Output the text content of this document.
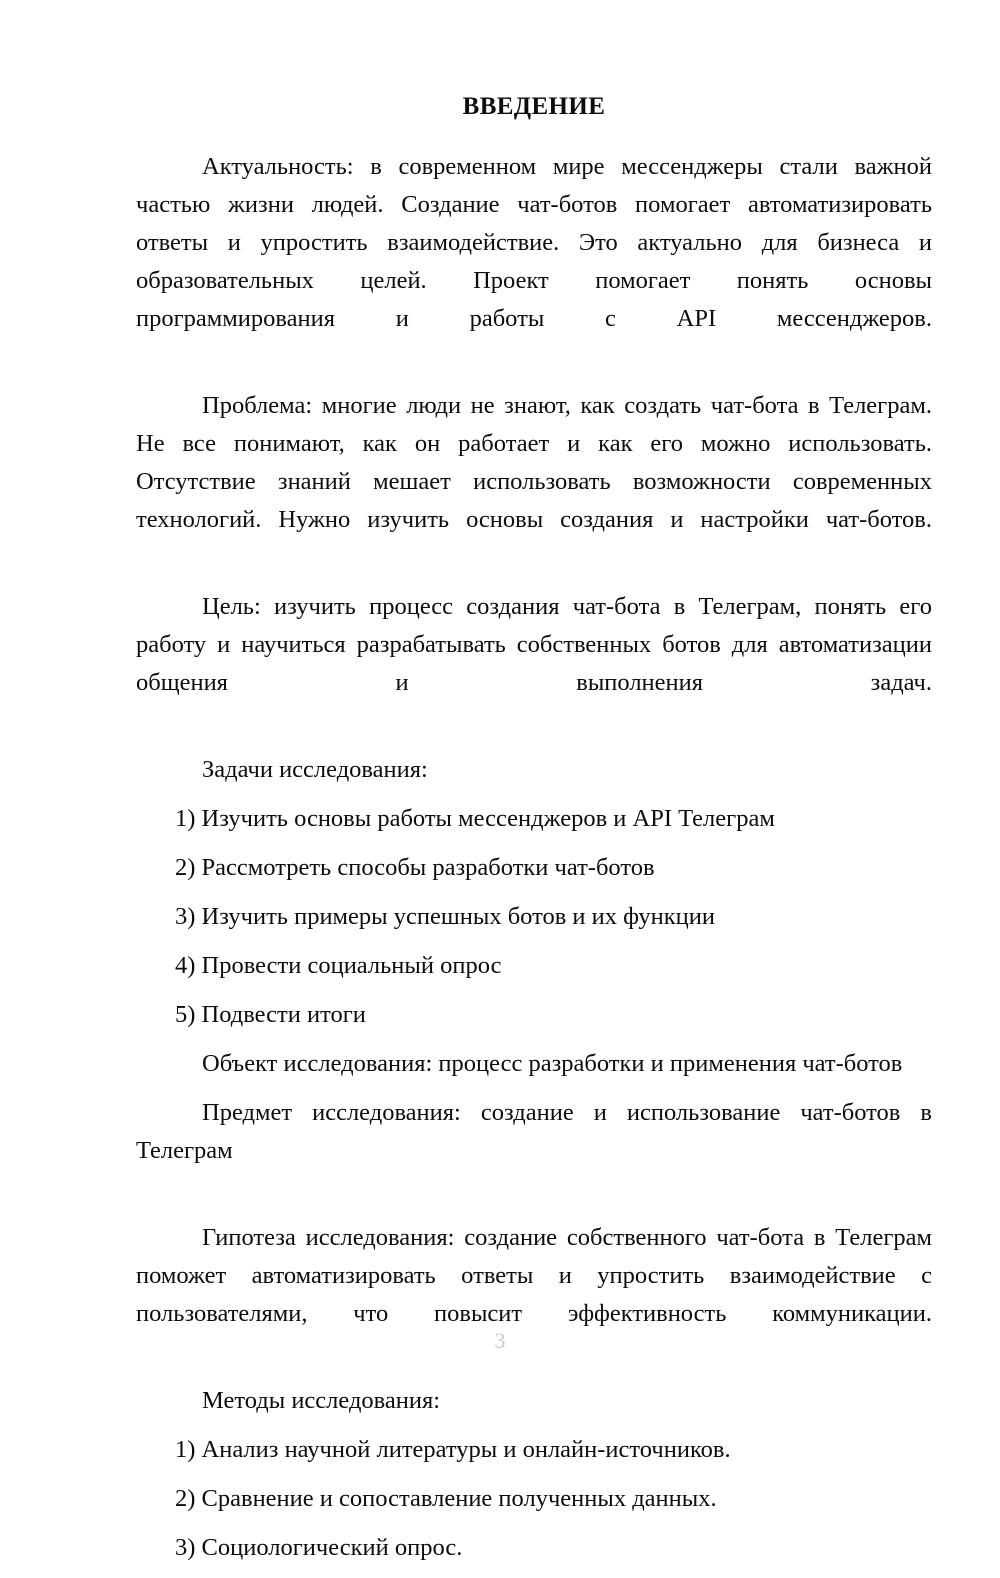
ВВЕДЕНИЕ

Актуальность: в современном мире мессенджеры стали важной частью жизни людей. Создание чат-ботов помогает автоматизировать ответы и упростить взаимодействие. Это актуально для бизнеса и образовательных целей. Проект помогает понять основы программирования и работы с API мессенджеров.

Проблема: многие люди не знают, как создать чат-бота в Телеграм. Не все понимают, как он работает и как его можно использовать. Отсутствие знаний мешает использовать возможности современных технологий. Нужно изучить основы создания и настройки чат-ботов.

Цель: изучить процесс создания чат-бота в Телеграм, понять его работу и научиться разрабатывать собственных ботов для автоматизации общения и выполнения задач.

Задачи исследования:

1) Изучить основы работы мессенджеров и API Телеграм
2) Рассмотреть способы разработки чат-ботов
3) Изучить примеры успешных ботов и их функции
4) Провести социальный опрос
5) Подвести итоги

Объект исследования: процесс разработки и применения чат-ботов

Предмет исследования: создание и использование чат-ботов в Телеграм

Гипотеза исследования: создание собственного чат-бота в Телеграм поможет автоматизировать ответы и упростить взаимодействие с пользователями, что повысит эффективность коммуникации.

Методы исследования:

1) Анализ научной литературы и онлайн-источников.
2) Сравнение и сопоставление полученных данных.
3) Социологический опрос.
3
